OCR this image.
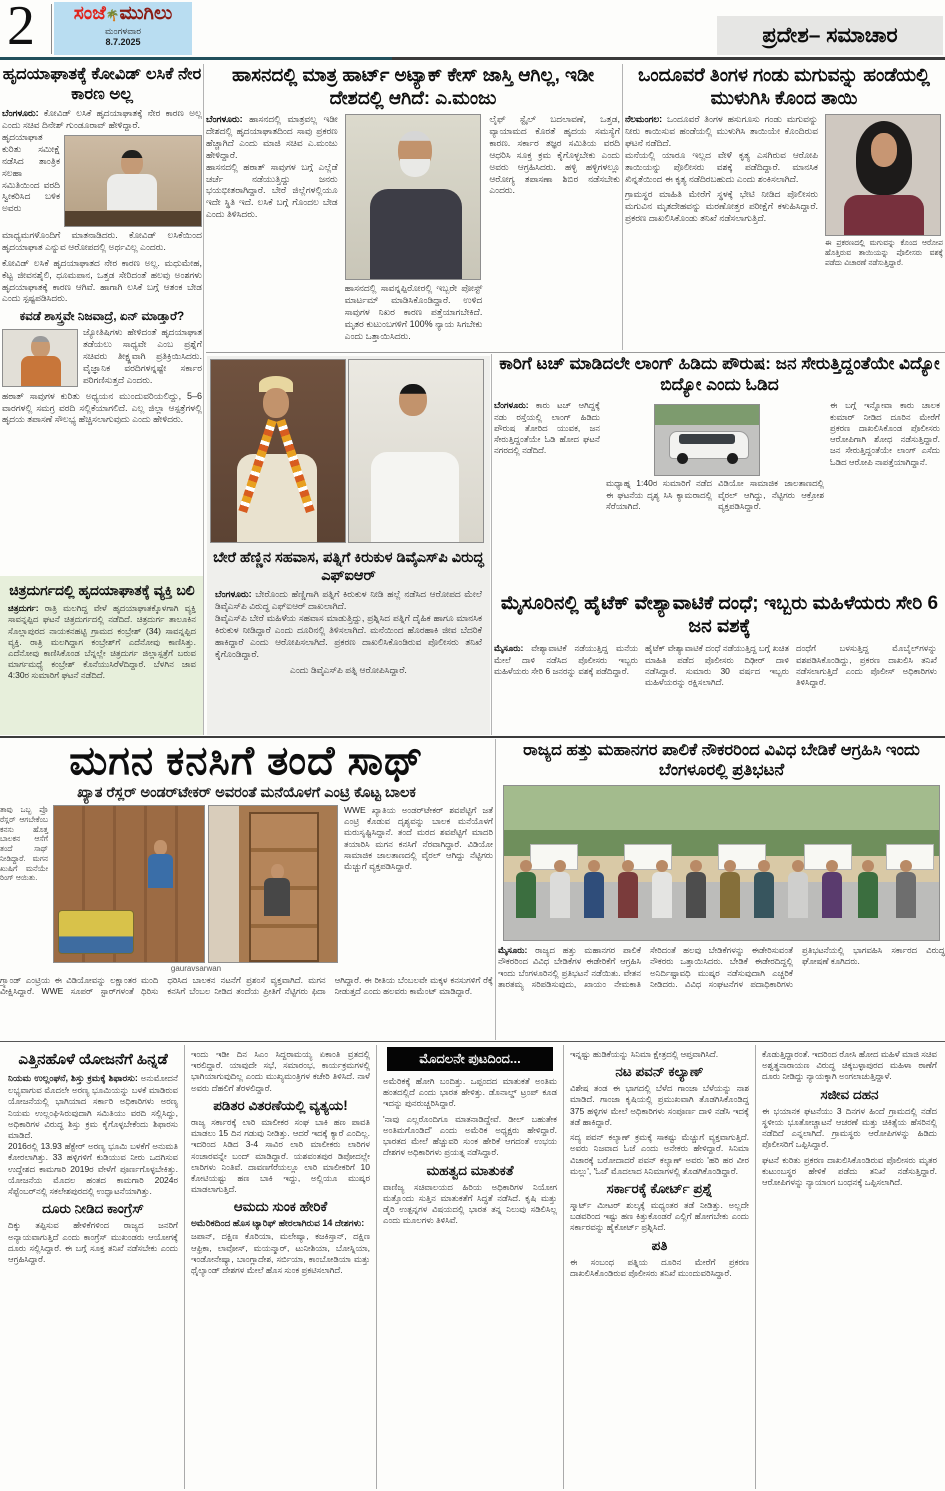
2	ಸಂಜೆ🌴ಮುಗಿಲು
ಮಂಗಳವಾರ
8.7.2025	ಪ್ರದೇಶ– ಸಮಾಚಾರ
ಹೃದಯಾಘಾತಕ್ಕೆ ಕೋವಿಡ್ ಲಸಿಕೆ ನೇರ ಕಾರಣ ಅಲ್ಲ
ಬೆಂಗಳೂರು: ಕೋವಿಡ್ ಲಸಿಕೆ ಹೃದಯಾಘಾತಕ್ಕೆ ನೇರ ಕಾರಣ ಅಲ್ಲ ಎಂದು ಸಚಿವ ದಿನೇಶ್ ಗುಂಡೂರಾವ್ ಹೇಳಿದ್ದಾರೆ.

ಹೃದಯಾಘಾತ ಕುರಿತು ಸಮೀಕ್ಷೆ ನಡೆಸಿದ ತಾಂತ್ರಿಕ ಸಲಹಾ ಸಮಿತಿಯಿಂದ ವರದಿ ಸ್ವೀಕರಿಸಿದ ಬಳಿಕ ಅವರು ಮಾಧ್ಯಮಗಳೊಂದಿಗೆ ಮಾತನಾಡಿದರು. ಕೋವಿಡ್ ಲಸಿಕೆಯಿಂದ ಹೃದಯಾಘಾತ ಎನ್ನುವ ಆರೋಪದಲ್ಲಿ ಅರ್ಥವಿಲ್ಲ ಎಂದರು.

ಕೋವಿಡ್ ಲಸಿಕೆ ಹೃದಯಾಘಾತದ ನೇರ ಕಾರಣ ಅಲ್ಲ. ಮಧುಮೇಹ, ಕೆಟ್ಟ ಜೀವನಶೈಲಿ, ಧೂಮಪಾನ, ಒತ್ತಡ ಸೇರಿದಂತೆ ಹಲವು ಅಂಶಗಳು ಹೃದಯಾಘಾತಕ್ಕೆ ಕಾರಣ ಆಗಿವೆ. ಹಾಗಾಗಿ ಲಸಿಕೆ ಬಗ್ಗೆ ಆತಂಕ ಬೇಡ ಎಂದು ಸ್ಪಷ್ಟಪಡಿಸಿದರು.

ಕವಡೆ ಶಾಸ್ತ್ರವೇ ನಿಜವಾದ್ರೆ, ಏನ್ ಮಾಡ್ತಾರೆ?

ಜ್ಯೋತಿಷಿಗಳು ಹೇಳಿದಂತೆ ಹೃದಯಾಘಾತ ತಡೆಯಲು ಸಾಧ್ಯವೇ ಎಂಬ ಪ್ರಶ್ನೆಗೆ ಸಚಿವರು ತೀಕ್ಷ್ಣವಾಗಿ ಪ್ರತಿಕ್ರಿಯಿಸಿದರು. ವೈಜ್ಞಾನಿಕ ವರದಿಗಳನ್ನಷ್ಟೇ ಸರ್ಕಾರ ಪರಿಗಣಿಸುತ್ತದೆ ಎಂದರು.

ಹಠಾತ್ ಸಾವುಗಳ ಕುರಿತು ಅಧ್ಯಯನ ಮುಂದುವರಿಯಲಿದ್ದು, 5–6 ವಾರಗಳಲ್ಲಿ ಸಮಗ್ರ ವರದಿ ಸಲ್ಲಿಕೆಯಾಗಲಿದೆ. ಎಲ್ಲ ಜಿಲ್ಲಾ ಆಸ್ಪತ್ರೆಗಳಲ್ಲಿ ಹೃದಯ ತಪಾಸಣೆ ಸೌಲಭ್ಯ ಹೆಚ್ಚಿಸಲಾಗುವುದು ಎಂದು ಹೇಳಿದರು.

ಚಿತ್ರದುರ್ಗದಲ್ಲಿ ಹೃದಯಾಘಾತಕ್ಕೆ ವ್ಯಕ್ತಿ ಬಲಿ
ಚಿತ್ರದುರ್ಗ: ರಾತ್ರಿ ಮಲಗಿದ್ದ ವೇಳೆ ಹೃದಯಾಘಾತಕ್ಕೊಳಗಾಗಿ ವ್ಯಕ್ತಿ ಸಾವನ್ನಪ್ಪಿದ ಘಟನೆ ಚಿತ್ರದುರ್ಗದಲ್ಲಿ ನಡೆದಿದೆ. ಚಿತ್ರದುರ್ಗ ತಾಲೂಕಿನ ಸೊಲ್ಲಾಪುರದ ನಾಯಕನಹಟ್ಟಿ ಗ್ರಾಮದ ಕಂಬ್ರೇಶ್ (34) ಸಾವನ್ನಪ್ಪಿದ ವ್ಯಕ್ತಿ. ರಾತ್ರಿ ಮಲಗಿದ್ದಾಗ ಕಂಬ್ರೇಶ್‌ಗೆ ಎದೆನೋವು ಕಾಣಿಸಿತ್ತು. ಎದೆನೋವು ಕಾಣಿಸಿಕೊಂಡ ಬೆನ್ನಲ್ಲೇ ಚಿತ್ರದುರ್ಗ ಜಿಲ್ಲಾಸ್ಪತ್ರೆಗೆ ಬರುವ ಮಾರ್ಗಮಧ್ಯೆ ಕಂಬ್ರೇಶ್ ಕೊನೆಯುಸಿರೆಳೆದಿದ್ದಾರೆ. ಬೆಳಗಿನ ಜಾವ 4:30ರ ಸುಮಾರಿಗೆ ಘಟನೆ ನಡೆದಿದೆ.
ಹಾಸನದಲ್ಲಿ ಮಾತ್ರ ಹಾರ್ಟ್ ಅಟ್ಯಾಕ್ ಕೇಸ್ ಜಾಸ್ತಿ ಆಗಿಲ್ಲ, ಇಡೀ ದೇಶದಲ್ಲಿ ಆಗಿದೆ: ಎ.ಮಂಜು
ಬೆಂಗಳೂರು: ಹಾಸನದಲ್ಲಿ ಮಾತ್ರವಲ್ಲ ಇಡೀ ದೇಶದಲ್ಲಿ ಹೃದಯಾಘಾತದಿಂದ ಸಾವು ಪ್ರಕರಣ ಹೆಚ್ಚಾಗಿದೆ ಎಂದು ಮಾಜಿ ಸಚಿವ ಎ.ಮಂಜು ಹೇಳಿದ್ದಾರೆ.

ಹಾಸನದಲ್ಲಿ ಹಠಾತ್ ಸಾವುಗಳ ಬಗ್ಗೆ ಎಲ್ಲೆಡೆ ಚರ್ಚೆ ನಡೆಯುತ್ತಿದ್ದು ಜನರು ಭಯಭೀತರಾಗಿದ್ದಾರೆ. ಬೇರೆ ಜಿಲ್ಲೆಗಳಲ್ಲಿಯೂ ಇದೇ ಸ್ಥಿತಿ ಇದೆ. ಲಸಿಕೆ ಬಗ್ಗೆ ಗೊಂದಲ ಬೇಡ ಎಂದು ತಿಳಿಸಿದರು.

ಹಾಸನದಲ್ಲಿ ಸಾವನ್ನಪ್ಪಿರೋರಲ್ಲಿ ಇಬ್ಬರೇ ಪೋಸ್ಟ್ ಮಾರ್ಟಮ್ ಮಾಡಿಸಿಕೊಂಡಿದ್ದಾರೆ. ಉಳಿದ ಸಾವುಗಳ ನಿಖರ ಕಾರಣ ಪತ್ತೆಯಾಗಬೇಕಿದೆ. ಮೃತರ ಕುಟುಂಬಗಳಿಗೆ 100% ನ್ಯಾಯ ಸಿಗಬೇಕು ಎಂದು ಒತ್ತಾಯಿಸಿದರು.

ಲೈಫ್ ಸ್ಟೈಲ್ ಬದಲಾವಣೆ, ಒತ್ತಡ, ವ್ಯಾಯಾಮದ ಕೊರತೆ ಹೃದಯ ಸಮಸ್ಯೆಗೆ ಕಾರಣ. ಸರ್ಕಾರ ತಜ್ಞರ ಸಮಿತಿಯ ವರದಿ ಆಧರಿಸಿ ಸೂಕ್ತ ಕ್ರಮ ಕೈಗೊಳ್ಳಬೇಕು ಎಂದು ಅವರು ಆಗ್ರಹಿಸಿದರು. ಹಳ್ಳಿ ಹಳ್ಳಿಗಳಲ್ಲೂ ಆರೋಗ್ಯ ತಪಾಸಣಾ ಶಿಬಿರ ನಡೆಸಬೇಕು ಎಂದರು.

ಒಂದೂವರೆ ತಿಂಗಳ ಗಂಡು ಮಗುವನ್ನು ಹಂಡೆಯಲ್ಲಿ ಮುಳುಗಿಸಿ ಕೊಂದ ತಾಯಿ
ನೆಲಮಂಗಲ: ಒಂದೂವರೆ ತಿಂಗಳ ಹಸುಗೂಸು ಗಂಡು ಮಗುವನ್ನು ನೀರು ಕಾಯಿಸುವ ಹಂಡೆಯಲ್ಲಿ ಮುಳುಗಿಸಿ ತಾಯಿಯೇ ಕೊಂದಿರುವ ಘಟನೆ ನಡೆದಿದೆ.

ಮನೆಯಲ್ಲಿ ಯಾರೂ ಇಲ್ಲದ ವೇಳೆ ಕೃತ್ಯ ಎಸಗಿರುವ ಆರೋಪಿ ತಾಯಿಯನ್ನು ಪೊಲೀಸರು ವಶಕ್ಕೆ ಪಡೆದಿದ್ದಾರೆ. ಮಾನಸಿಕ ಖಿನ್ನತೆಯಿಂದ ಈ ಕೃತ್ಯ ನಡೆದಿರಬಹುದು ಎಂದು ಶಂಕಿಸಲಾಗಿದೆ.

ಗ್ರಾಮಸ್ಥರ ಮಾಹಿತಿ ಮೇರೆಗೆ ಸ್ಥಳಕ್ಕೆ ಭೇಟಿ ನೀಡಿದ ಪೊಲೀಸರು ಮಗುವಿನ ಮೃತದೇಹವನ್ನು ಮರಣೋತ್ತರ ಪರೀಕ್ಷೆಗೆ ಕಳುಹಿಸಿದ್ದಾರೆ. ಪ್ರಕರಣ ದಾಖಲಿಸಿಕೊಂಡು ತನಿಖೆ ನಡೆಸಲಾಗುತ್ತಿದೆ.

ಈ ಪ್ರಕರಣದಲ್ಲಿ ಮಗುವನ್ನು ಕೊಂದ ಆರೋಪ ಹೊತ್ತಿರುವ ತಾಯಿಯನ್ನು ಪೊಲೀಸರು ವಶಕ್ಕೆ ಪಡೆದು ವಿಚಾರಣೆ ನಡೆಸುತ್ತಿದ್ದಾರೆ.
ಬೇರೆ ಹೆಣ್ಣಿನ ಸಹವಾಸ, ಪತ್ನಿಗೆ ಕಿರುಕುಳ ಡಿವೈಎಸ್‌ಪಿ ವಿರುದ್ಧ ಎಫ್‌ಐಆರ್
ಬೆಂಗಳೂರು: ಬೇರೊಂದು ಹೆಣ್ಣಿಗಾಗಿ ಪತ್ನಿಗೆ ಕಿರುಕುಳ ನೀಡಿ ಹಲ್ಲೆ ನಡೆಸಿದ ಆರೋಪದ ಮೇಲೆ ಡಿವೈಎಸ್‌ಪಿ ವಿರುದ್ಧ ಎಫ್‌ಐಆರ್ ದಾಖಲಾಗಿದೆ.

ಡಿವೈಎಸ್‌ಪಿ ಬೇರೆ ಮಹಿಳೆಯ ಸಹವಾಸ ಮಾಡುತ್ತಿದ್ದು, ಪ್ರಶ್ನಿಸಿದ ಪತ್ನಿಗೆ ದೈಹಿಕ ಹಾಗೂ ಮಾನಸಿಕ ಕಿರುಕುಳ ನೀಡಿದ್ದಾರೆ ಎಂದು ದೂರಿನಲ್ಲಿ ತಿಳಿಸಲಾಗಿದೆ. ಮನೆಯಿಂದ ಹೊರಹಾಕಿ ಜೀವ ಬೆದರಿಕೆ ಹಾಕಿದ್ದಾರೆ ಎಂದು ಆರೋಪಿಸಲಾಗಿದೆ. ಪ್ರಕರಣ ದಾಖಲಿಸಿಕೊಂಡಿರುವ ಪೊಲೀಸರು ತನಿಖೆ ಕೈಗೊಂಡಿದ್ದಾರೆ.

ಎಂದು ಡಿವೈಎಸ್‌ಪಿ ಪತ್ನಿ ಆರೋಪಿಸಿದ್ದಾರೆ.
ಕಾರಿಗೆ ಟಚ್ ಮಾಡಿದಲೇ ಲಾಂಗ್ ಹಿಡಿದು ಪೌರುಷ: ಜನ ಸೇರುತ್ತಿದ್ದಂತೆಯೇ ವಿದ್ಯೋ ಬಿದ್ಯೋ ಎಂದು ಓಡಿದ
ಬೆಂಗಳೂರು: ಕಾರು ಟಚ್ ಆಗಿದ್ದಕ್ಕೆ ನಡು ರಸ್ತೆಯಲ್ಲಿ ಲಾಂಗ್ ಹಿಡಿದು ಪೌರುಷ ತೋರಿದ ಯುವಕ, ಜನ ಸೇರುತ್ತಿದ್ದಂತೆಯೇ ಓಡಿ ಹೋದ ಘಟನೆ ನಗರದಲ್ಲಿ ನಡೆದಿದೆ.

ಮಧ್ಯಾಹ್ನ 1:40ರ ಸುಮಾರಿಗೆ ನಡೆದ ಈ ಘಟನೆಯ ದೃಶ್ಯ ಸಿಸಿ ಕ್ಯಾಮರಾದಲ್ಲಿ ಸೆರೆಯಾಗಿದೆ.

ವಿಡಿಯೋ ಸಾಮಾಜಿಕ ಜಾಲತಾಣದಲ್ಲಿ ವೈರಲ್ ಆಗಿದ್ದು, ನೆಟ್ಟಿಗರು ಆಕ್ರೋಶ ವ್ಯಕ್ತಪಡಿಸಿದ್ದಾರೆ.

ಈ ಬಗ್ಗೆ ಇನ್ನೋವಾ ಕಾರು ಚಾಲಕ ಕುಮಾರ್ ನೀಡಿದ ದೂರಿನ ಮೇರೆಗೆ ಪ್ರಕರಣ ದಾಖಲಿಸಿಕೊಂಡ ಪೊಲೀಸರು ಆರೋಪಿಗಾಗಿ ಶೋಧ ನಡೆಸುತ್ತಿದ್ದಾರೆ. ಜನ ಸೇರುತ್ತಿದ್ದಂತೆಯೇ ಲಾಂಗ್ ಎಸೆದು ಓಡಿದ ಆರೋಪಿ ನಾಪತ್ತೆಯಾಗಿದ್ದಾನೆ.

ಮೈಸೂರಿನಲ್ಲಿ ಹೈಟೆಕ್ ವೇಶ್ಯಾವಾಟಿಕೆ ದಂಧೆ; ಇಬ್ಬರು ಮಹಿಳೆಯರು ಸೇರಿ 6 ಜನ ವಶಕ್ಕೆ
ಮೈಸೂರು: ವೇಶ್ಯಾವಾಟಿಕೆ ನಡೆಯುತ್ತಿದ್ದ ಮನೆಯ ಮೇಲೆ ದಾಳಿ ನಡೆಸಿದ ಪೊಲೀಸರು ಇಬ್ಬರು ಮಹಿಳೆಯರು ಸೇರಿ 6 ಜನರನ್ನು ವಶಕ್ಕೆ ಪಡೆದಿದ್ದಾರೆ.

ಹೈಟೆಕ್ ವೇಶ್ಯಾವಾಟಿಕೆ ದಂಧೆ ನಡೆಯುತ್ತಿದ್ದ ಬಗ್ಗೆ ಖಚಿತ ಮಾಹಿತಿ ಪಡೆದ ಪೊಲೀಸರು ದಿಢೀರ್ ದಾಳಿ ನಡೆಸಿದ್ದಾರೆ. ಸುಮಾರು 30 ವರ್ಷದ ಇಬ್ಬರು ಮಹಿಳೆಯರನ್ನು ರಕ್ಷಿಸಲಾಗಿದೆ.

ದಂಧೆಗೆ ಬಳಸುತ್ತಿದ್ದ ಮೊಬೈಲ್‌ಗಳನ್ನು ವಶಪಡಿಸಿಕೊಂಡಿದ್ದು, ಪ್ರಕರಣ ದಾಖಲಿಸಿ ತನಿಖೆ ನಡೆಸಲಾಗುತ್ತಿದೆ ಎಂದು ಪೊಲೀಸ್ ಅಧಿಕಾರಿಗಳು ತಿಳಿಸಿದ್ದಾರೆ.

ಮಗನ ಕನಸಿಗೆ ತಂದೆ ಸಾಥ್
ಖ್ಯಾತ ರೆಸ್ಲರ್ ಅಂಡರ್‌ಟೇಕರ್ ಅವರಂತೆ ಮನೆಯೊಳಗೆ ಎಂಟ್ರಿ ಕೊಟ್ಟ ಬಾಲಕ

ತಾವು ಒಬ್ಬ ಪ್ರೊ ರೆಸ್ಲರ್ ಆಗಬೇಕೆಂಬ ಕನಸು ಹೊತ್ತ ಬಾಲಕನ ಆಸೆಗೆ ತಂದೆ ಸಾಥ್ ನೀಡಿದ್ದಾರೆ. ಮಗನ ಖುಷಿಗೆ ಮನೆಯೇ ರಿಂಗ್ ಆಯಿತು.

gauravsarwan

WWE ಖ್ಯಾತಿಯ ಅಂಡರ್‌ಟೇಕರ್ ಶವಪೆಟ್ಟಿಗೆ ಜತೆ ಎಂಟ್ರಿ ಕೊಡುವ ದೃಶ್ಯವನ್ನು ಬಾಲಕ ಮನೆಯೊಳಗೆ ಮರುಸೃಷ್ಟಿಸಿದ್ದಾನೆ. ತಂದೆ ಮರದ ಶವಪೆಟ್ಟಿಗೆ ಮಾದರಿ ತಯಾರಿಸಿ ಮಗನ ಕನಸಿಗೆ ನೆರವಾಗಿದ್ದಾರೆ. ವಿಡಿಯೋ ಸಾಮಾಜಿಕ ಜಾಲತಾಣದಲ್ಲಿ ವೈರಲ್ ಆಗಿದ್ದು ನೆಟ್ಟಿಗರು ಮೆಚ್ಚುಗೆ ವ್ಯಕ್ತಪಡಿಸಿದ್ದಾರೆ.

ಗ್ರ್ಯಾಂಡ್ ಎಂಟ್ರಿಯ ಈ ವಿಡಿಯೋವನ್ನು ಲಕ್ಷಾಂತರ ಮಂದಿ ವೀಕ್ಷಿಸಿದ್ದಾರೆ. WWE ಸೂಪರ್ ಸ್ಟಾರ್‌ಗಳಂತೆ ಧಿರಿಸು ಧರಿಸಿದ ಬಾಲಕನ ನಟನೆಗೆ ಪ್ರಶಂಸೆ ವ್ಯಕ್ತವಾಗಿದೆ. ಮಗನ ಕನಸಿಗೆ ಬೆಂಬಲ ನೀಡಿದ ತಂದೆಯ ಪ್ರೀತಿಗೆ ನೆಟ್ಟಿಗರು ಫಿದಾ ಆಗಿದ್ದಾರೆ. ಈ ರೀತಿಯ ಬೆಂಬಲವೇ ಮಕ್ಕಳ ಕನಸುಗಳಿಗೆ ರೆಕ್ಕೆ ನೀಡುತ್ತದೆ ಎಂದು ಹಲವರು ಕಾಮೆಂಟ್ ಮಾಡಿದ್ದಾರೆ.
ರಾಜ್ಯದ ಹತ್ತು ಮಹಾನಗರ ಪಾಲಿಕೆ ನೌಕರರಿಂದ ವಿವಿಧ ಬೇಡಿಕೆ ಆಗ್ರಹಿಸಿ ಇಂದು ಬೆಂಗಳೂರಲ್ಲಿ ಪ್ರತಿಭಟನೆ
ಮೈಸೂರು: ರಾಜ್ಯದ ಹತ್ತು ಮಹಾನಗರ ಪಾಲಿಕೆ ನೌಕರರಿಂದ ವಿವಿಧ ಬೇಡಿಕೆಗಳ ಈಡೇರಿಕೆಗೆ ಆಗ್ರಹಿಸಿ ಇಂದು ಬೆಂಗಳೂರಿನಲ್ಲಿ ಪ್ರತಿಭಟನೆ ನಡೆಯಿತು. ವೇತನ ತಾರತಮ್ಯ ಸರಿಪಡಿಸುವುದು, ಖಾಯಂ ನೇಮಕಾತಿ ಸೇರಿದಂತೆ ಹಲವು ಬೇಡಿಕೆಗಳನ್ನು ಈಡೇರಿಸುವಂತೆ ನೌಕರರು ಒತ್ತಾಯಿಸಿದರು. ಬೇಡಿಕೆ ಈಡೇರದಿದ್ದಲ್ಲಿ ಅನಿರ್ದಿಷ್ಟಾವಧಿ ಮುಷ್ಕರ ನಡೆಸುವುದಾಗಿ ಎಚ್ಚರಿಕೆ ನೀಡಿದರು. ವಿವಿಧ ಸಂಘಟನೆಗಳ ಪದಾಧಿಕಾರಿಗಳು ಪ್ರತಿಭಟನೆಯಲ್ಲಿ ಭಾಗವಹಿಸಿ ಸರ್ಕಾರದ ವಿರುದ್ಧ ಘೋಷಣೆ ಕೂಗಿದರು.
ಎತ್ತಿನಹೊಳೆ ಯೋಜನೆಗೆ ಹಿನ್ನಡೆ
ನಿಯಮ ಉಲ್ಲಂಘನೆ, ಶಿಸ್ತು ಕ್ರಮಕ್ಕೆ ಶಿಫಾರಸು: ಅನುಮೋದನೆ ಲಭ್ಯವಾಗುವ ಮೊದಲೇ ಅರಣ್ಯ ಭೂಮಿಯನ್ನು ಬಳಕೆ ಮಾಡಿರುವ ಯೋಜನೆಯಲ್ಲಿ ಭಾಗಿಯಾದ ಸರ್ಕಾರಿ ಅಧಿಕಾರಿಗಳು ಅರಣ್ಯ ನಿಯಮ ಉಲ್ಲಂಘಿಸಿರುವುದಾಗಿ ಸಮಿತಿಯು ವರದಿ ಸಲ್ಲಿಸಿದ್ದು, ಅಧಿಕಾರಿಗಳ ವಿರುದ್ಧ ಶಿಸ್ತು ಕ್ರಮ ಕೈಗೊಳ್ಳಬೇಕೆಂದು ಶಿಫಾರಸು ಮಾಡಿದೆ.

2016ರಲ್ಲಿ 13.93 ಹೆಕ್ಟೇರ್ ಅರಣ್ಯ ಭೂಮಿ ಬಳಕೆಗೆ ಅನುಮತಿ ಕೋರಲಾಗಿತ್ತು. 33 ಹಳ್ಳಿಗಳಿಗೆ ಕುಡಿಯುವ ನೀರು ಒದಗಿಸುವ ಉದ್ದೇಶದ ಕಾಮಗಾರಿ 2019ರ ವೇಳೆಗೆ ಪೂರ್ಣಗೊಳ್ಳಬೇಕಿತ್ತು. ಯೋಜನೆಯ ಮೊದಲ ಹಂತದ ಕಾಮಗಾರಿ 2024ರ ಸೆಪ್ಟೆಂಬರ್‌ನಲ್ಲಿ ಸಕಲೇಶಪುರದಲ್ಲಿ ಉದ್ಘಾಟನೆಯಾಗಿತ್ತು.

ದೂರು ನೀಡಿದ ಕಾಂಗ್ರೆಸ್

ದಿಕ್ಕು ತಪ್ಪಿಸುವ ಹೇಳಿಕೆಗಳಿಂದ ರಾಜ್ಯದ ಜನರಿಗೆ ಅನ್ಯಾಯವಾಗುತ್ತಿದೆ ಎಂದು ಕಾಂಗ್ರೆಸ್ ಮುಖಂಡರು ಆಯೋಗಕ್ಕೆ ದೂರು ಸಲ್ಲಿಸಿದ್ದಾರೆ. ಈ ಬಗ್ಗೆ ಸೂಕ್ತ ತನಿಖೆ ನಡೆಸಬೇಕು ಎಂದು ಆಗ್ರಹಿಸಿದ್ದಾರೆ.

ಇಂದು ಇಡೀ ದಿನ ಸಿಎಂ ಸಿದ್ದರಾಮಯ್ಯ ಏಕಾಂತಿ ವ್ರತದಲ್ಲಿ ಇರಲಿದ್ದಾರೆ. ಯಾವುದೇ ಸಭೆ, ಸಮಾರಂಭ, ಕಾರ್ಯಕ್ರಮಗಳಲ್ಲಿ ಭಾಗಿಯಾಗುವುದಿಲ್ಲ ಎಂದು ಮುಖ್ಯಮಂತ್ರಿಗಳ ಕಚೇರಿ ತಿಳಿಸಿದೆ. ನಾಳೆ ಅವರು ದೆಹಲಿಗೆ ತೆರಳಲಿದ್ದಾರೆ.

ಪಡಿತರ ವಿತರಣೆಯಲ್ಲಿ ವ್ಯತ್ಯಯ!

ರಾಜ್ಯ ಸರ್ಕಾರಕ್ಕೆ ಲಾರಿ ಮಾಲೀಕರ ಸಂಘ ಬಾಕಿ ಹಣ ಪಾವತಿ ಮಾಡಲು 15 ದಿನ ಗಡುವು ನೀಡಿತ್ತು. ಆದರೆ ಇದಕ್ಕೆ ಕ್ಯಾರೆ ಎಂದಿಲ್ಲ. ಇದರಿಂದ ಸಿಡಿದ 3-4 ಸಾವಿರ ಲಾರಿ ಮಾಲೀಕರು ಲಾರಿಗಳ ಸಂಚಾರವನ್ನೇ ಬಂದ್ ಮಾಡಿದ್ದಾರೆ. ಯಶವಂತಪುರ ಡಿಪೋದಲ್ಲೇ ಲಾರಿಗಳು ನಿಂತಿವೆ. ದಾವಣಗೆರೆಯಲ್ಲೂ ಲಾರಿ ಮಾಲೀಕರಿಗೆ 10 ಕೋಟಿಯಷ್ಟು ಹಣ ಬಾಕಿ ಇದ್ದು, ಅಲ್ಲಿಯೂ ಮುಷ್ಕರ ಮಾಡಲಾಗುತ್ತಿದೆ.

ಆಮದು ಸುಂಕ ಹೇರಿಕೆ
ಅಮೆರಿಕದಿಂದ ಹೊಸ ಟ್ಯಾರಿಫ್ ಹೇರಲಾಗಿರುವ 14 ದೇಶಗಳು:

ಜಪಾನ್, ದಕ್ಷಿಣ ಕೊರಿಯಾ, ಮಲೇಷ್ಯಾ, ಕಜಕಿಸ್ತಾನ್, ದಕ್ಷಿಣ ಆಫ್ರಿಕಾ, ಲಾವೋಸ್, ಮಯನ್ಮಾರ್, ಟುನೀಶಿಯಾ, ಬೋಸ್ನಿಯಾ, ಇಂಡೋನೇಷ್ಯಾ, ಬಾಂಗ್ಲಾದೇಶ, ಸರ್ಬಿಯಾ, ಕಾಂಬೋಡಿಯಾ ಮತ್ತು ಥೈಲ್ಯಾಂಡ್ ದೇಶಗಳ ಮೇಲೆ ಹೊಸ ಸುಂಕ ಪ್ರಕಟಿಸಲಾಗಿದೆ.

ಮೊದಲನೇ ಪುಟದಿಂದ...

ಅಮೆರಿಕಕ್ಕೆ ಹೋಗಿ ಬಂದಿತ್ತು. ಒಪ್ಪಂದದ ಮಾತುಕತೆ ಅಂತಿಮ ಹಂತದಲ್ಲಿದೆ ಎಂದು ಭಾರತ ಹೇಳಿತ್ತು. ಡೊನಾಲ್ಡ್ ಟ್ರಂಪ್ ಕೂಡ ಇದನ್ನು ಪುನರುಚ್ಚರಿಸಿದ್ದಾರೆ.

'ನಾವು ಎಲ್ಲರೊಂದಿಗೂ ಮಾತನಾಡಿದ್ದೇವೆ. ಡೀಲ್ ಬಹುತೇಕ ಅಂತಿಮಗೊಂಡಿದೆ' ಎಂದು ಅಮೆರಿಕ ಅಧ್ಯಕ್ಷರು ಹೇಳಿದ್ದಾರೆ. ಭಾರತದ ಮೇಲೆ ಹೆಚ್ಚುವರಿ ಸುಂಕ ಹೇರಿಕೆ ಆಗದಂತೆ ಉಭಯ ದೇಶಗಳ ಅಧಿಕಾರಿಗಳು ಪ್ರಯತ್ನ ನಡೆಸಿದ್ದಾರೆ.

ಮಹತ್ವದ ಮಾತುಕತೆ

ವಾಣಿಜ್ಯ ಸಚಿವಾಲಯದ ಹಿರಿಯ ಅಧಿಕಾರಿಗಳ ನಿಯೋಗ ಮತ್ತೊಂದು ಸುತ್ತಿನ ಮಾತುಕತೆಗೆ ಸಿದ್ಧತೆ ನಡೆಸಿದೆ. ಕೃಷಿ ಮತ್ತು ಡೈರಿ ಉತ್ಪನ್ನಗಳ ವಿಷಯದಲ್ಲಿ ಭಾರತ ತನ್ನ ನಿಲುವು ಸಡಿಲಿಸಿಲ್ಲ ಎಂದು ಮೂಲಗಳು ತಿಳಿಸಿವೆ.

ಇನ್ನಷ್ಟು ಹುಡಿಕೆಯನ್ನು ಸಿನಿಮಾ ಕ್ಷೇತ್ರದಲ್ಲಿ ಆಪ್ತವಾಗಿಸಿದೆ.

ನಟ ಪವನ್ ಕಲ್ಯಾಣ್

ವಿಶೇಷ ತಂಡ ಈ ಭಾಗದಲ್ಲಿ ಬೆಳೆದ ಗಾಂಜಾ ಬೆಳೆಯನ್ನು ನಾಶ ಮಾಡಿದೆ. ಗಾಂಜಾ ಕೃಷಿಯಲ್ಲಿ ಪ್ರಮುಖವಾಗಿ ತೊಡಗಿಸಿಕೊಂಡಿದ್ದ 375 ಹಳ್ಳಿಗಳ ಮೇಲೆ ಅಧಿಕಾರಿಗಳು ಸಂಪೂರ್ಣ ದಾಳಿ ನಡೆಸಿ ಇದಕ್ಕೆ ತಡೆ ಹಾಕಿದ್ದಾರೆ.

ಸದ್ಯ ಪವನ್ ಕಲ್ಯಾಣ್ ಕ್ರಮಕ್ಕೆ ಸಾಕಷ್ಟು ಮೆಚ್ಚುಗೆ ವ್ಯಕ್ತವಾಗುತ್ತಿದೆ. ಅವರು ನಿಜವಾದ ಓಜೆ ಎಂದು ಅನೇಕರು ಹೇಳಿದ್ದಾರೆ. ಸಿನಿಮಾ ವಿಚಾರಕ್ಕೆ ಬರೋದಾದರೆ ಪವನ್ ಕಲ್ಯಾಣ್ ಅವರು 'ಹರಿ ಹರ ವೀರ ಮಲ್ಲು', 'ಓಜೆ' ಮೊದಲಾದ ಸಿನಿಮಾಗಳಲ್ಲಿ ತೊಡಗಿಕೊಂಡಿದ್ದಾರೆ.

ಸರ್ಕಾರಕ್ಕೆ ಕೋರ್ಟ್ ಪ್ರಶ್ನೆ

ಸ್ಮಾರ್ಟ್ ಮೀಟರ್ ಶುಲ್ಕಕ್ಕೆ ಮಧ್ಯಂತರ ತಡೆ ನೀಡಿತ್ತು. ಅಲ್ಲದೇ ಬಡವರಿಂದ ಇಷ್ಟು ಹಣ ಕಿತ್ತುಕೊಂಡರೆ ಎಲ್ಲಿಗೆ ಹೋಗಬೇಕು ಎಂದು ಸರ್ಕಾರವನ್ನು ಹೈಕೋರ್ಟ್ ಪ್ರಶ್ನಿಸಿದೆ.

ಪತಿ

ಈ ಸಂಬಂಧ ಪತ್ನಿಯ ದೂರಿನ ಮೇರೆಗೆ ಪ್ರಕರಣ ದಾಖಲಿಸಿಕೊಂಡಿರುವ ಪೊಲೀಸರು ತನಿಖೆ ಮುಂದುವರಿಸಿದ್ದಾರೆ.

ಕೊಡುತ್ತಿದ್ದಾರಂತೆ. ಇದರಿಂದ ರೋಸಿ ಹೋದ ಮಹಿಳೆ ಮಾಜಿ ಸಚಿವ ಅಶ್ವತ್ಥನಾರಾಯಣ ವಿರುದ್ಧ ಚಿಕ್ಕಬಳ್ಳಾಪುರದ ಮಹಿಳಾ ಠಾಣೆಗೆ ದೂರು ನೀಡಿದ್ದು ನ್ಯಾಯಕ್ಕಾಗಿ ಅಂಗಲಾಚುತ್ತಿದ್ದಾಳೆ.

ಸಜೀವ ದಹನ

ಈ ಭಯಾನಕ ಘಟನೆಯು 3 ದಿನಗಳ ಹಿಂದೆ ಗ್ರಾಮದಲ್ಲಿ ನಡೆದ ಸ್ಥಳೀಯ ಭೂತೋಚ್ಚಾಟನೆ ಆಚರಣೆ ಮತ್ತು ಚಿಕಿತ್ಸೆಯ ಹೆಸರಿನಲ್ಲಿ ನಡೆದಿದೆ ಎನ್ನಲಾಗಿದೆ. ಗ್ರಾಮಸ್ಥರು ಆರೋಪಿಗಳನ್ನು ಹಿಡಿದು ಪೊಲೀಸರಿಗೆ ಒಪ್ಪಿಸಿದ್ದಾರೆ.

ಘಟನೆ ಕುರಿತು ಪ್ರಕರಣ ದಾಖಲಿಸಿಕೊಂಡಿರುವ ಪೊಲೀಸರು ಮೃತರ ಕುಟುಂಬಸ್ಥರ ಹೇಳಿಕೆ ಪಡೆದು ತನಿಖೆ ನಡೆಸುತ್ತಿದ್ದಾರೆ. ಆರೋಪಿಗಳನ್ನು ನ್ಯಾಯಾಂಗ ಬಂಧನಕ್ಕೆ ಒಪ್ಪಿಸಲಾಗಿದೆ.
